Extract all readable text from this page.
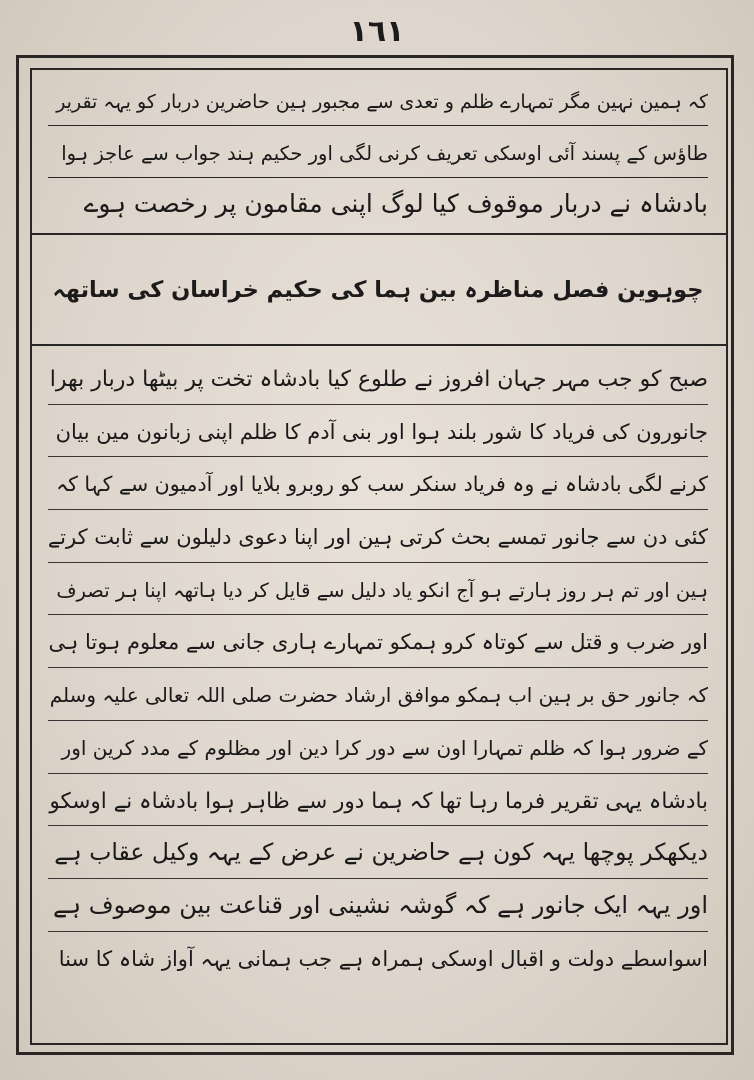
۱٦۱
کہ ہمین نہین مگر تمہارے ظلم و تعدی سے مجبور ہین حاضرین دربار کو یہہ تقریر
طاؤس کے پسند آئی اوسکی تعریف کرنی لگی اور حکیم ہند جواب سے عاجز ہوا
بادشاہ نے دربار موقوف کیا لوگ اپنی مقامون پر رخصت ہوے
چوہوین فصل مناظرہ بین ہما کی حکیم خراسان کی ساتھہ
صبح کو جب مہر جہان افروز نے طلوع کیا بادشاہ تخت پر بیٹھا دربار بھرا
جانورون کی فریاد کا شور بلند ہوا اور بنی آدم کا ظلم اپنی زبانون مین بیان
کرنے لگی بادشاہ نے وہ فریاد سنکر سب کو روبرو بلایا اور آدمیون سے کہا کہ
کئی دن سے جانور تمسے بحث کرتی ہین اور اپنا دعوی دلیلون سے ثابت کرتے
ہین اور تم ہر روز ہارتے ہو آج انکو یاد دلیل سے قایل کر دیا ہاتھہ اپنا ہر تصرف
اور ضرب و قتل سے کوتاہ کرو ہمکو تمہارے ہاری جانی سے معلوم ہوتا ہی
کہ جانور حق بر ہین اب ہمکو موافق ارشاد حضرت صلی اللہ تعالی علیہ وسلم
کے ضرور ہوا کہ ظلم تمہارا اون سے دور کرا دین اور مظلوم کے مدد کرین اور
بادشاہ یہی تقریر فرما رہا تھا کہ ہما دور سے ظاہر ہوا بادشاہ نے اوسکو
دیکھکر پوچھا یہہ کون ہے حاضرین نے عرض کے یہہ وکیل عقاب ہے
اور یہہ ایک جانور ہے کہ گوشہ نشینی اور قناعت بین موصوف ہے
اسواسطے دولت و اقبال اوسکی ہمراہ ہے جب ہمانی یہہ آواز شاہ کا سنا
